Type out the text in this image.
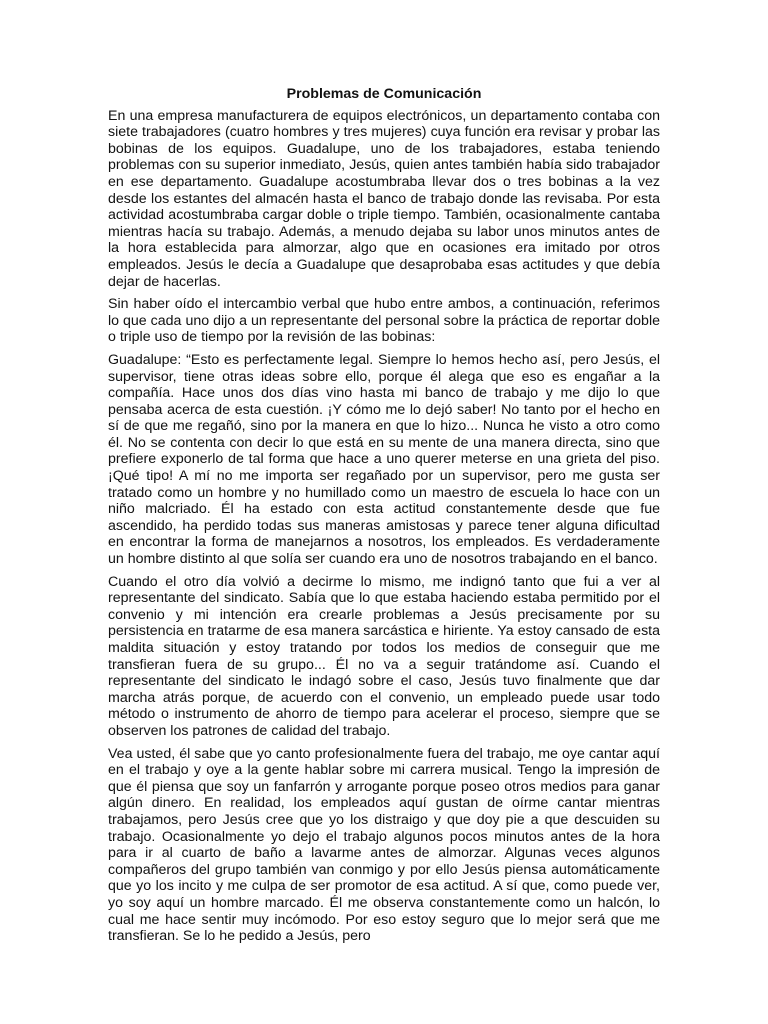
Problemas de Comunicación

En una empresa manufacturera de equipos electrónicos, un departamento contaba con siete trabajadores (cuatro hombres y tres mujeres) cuya función era revisar y probar las bobinas de los equipos. Guadalupe, uno de los trabajadores, estaba teniendo problemas con su superior inmediato, Jesús, quien antes también había sido trabajador en ese departamento. Guadalupe acostumbraba llevar dos o tres bobinas a la vez desde los estantes del almacén hasta el banco de trabajo donde las revisaba. Por esta actividad acostumbraba cargar doble o triple tiempo. También, ocasionalmente cantaba mientras hacía su trabajo. Además, a menudo dejaba su labor unos minutos antes de la hora establecida para almorzar, algo que en ocasiones era imitado por otros empleados. Jesús le decía a Guadalupe que desaprobaba esas actitudes y que debía dejar de hacerlas.

Sin haber oído el intercambio verbal que hubo entre ambos, a continuación, referimos lo que cada uno dijo a un representante del personal sobre la práctica de reportar doble o triple uso de tiempo por la revisión de las bobinas:

Guadalupe: “Esto es perfectamente legal. Siempre lo hemos hecho así, pero Jesús, el supervisor, tiene otras ideas sobre ello, porque él alega que eso es engañar a la compañía. Hace unos dos días vino hasta mi banco de trabajo y me dijo lo que pensaba acerca de esta cuestión. ¡Y cómo me lo dejó saber! No tanto por el hecho en sí de que me regañó, sino por la manera en que lo hizo... Nunca he visto a otro como él. No se contenta con decir lo que está en su mente de una manera directa, sino que prefiere exponerlo de tal forma que hace a uno querer meterse en una grieta del piso. ¡Qué tipo! A mí no me importa ser regañado por un supervisor, pero me gusta ser tratado como un hombre y no humillado como un maestro de escuela lo hace con un niño malcriado. Él ha estado con esta actitud constantemente desde que fue ascendido, ha perdido todas sus maneras amistosas y parece tener alguna dificultad en encontrar la forma de manejarnos a nosotros, los empleados. Es verdaderamente un hombre distinto al que solía ser cuando era uno de nosotros trabajando en el banco.

Cuando el otro día volvió a decirme lo mismo, me indignó tanto que fui a ver al representante del sindicato. Sabía que lo que estaba haciendo estaba permitido por el convenio y mi intención era crearle problemas a Jesús precisamente por su persistencia en tratarme de esa manera sarcástica e hiriente. Ya estoy cansado de esta maldita situación y estoy tratando por todos los medios de conseguir que me transfieran fuera de su grupo... Él no va a seguir tratándome así. Cuando el representante del sindicato le indagó sobre el caso, Jesús tuvo finalmente que dar marcha atrás porque, de acuerdo con el convenio, un empleado puede usar todo método o instrumento de ahorro de tiempo para acelerar el proceso, siempre que se observen los patrones de calidad del trabajo.

Vea usted, él sabe que yo canto profesionalmente fuera del trabajo, me oye cantar aquí en el trabajo y oye a la gente hablar sobre mi carrera musical. Tengo la impresión de que él piensa que soy un fanfarrón y arrogante porque poseo otros medios para ganar algún dinero. En realidad, los empleados aquí gustan de oírme cantar mientras trabajamos, pero Jesús cree que yo los distraigo y que doy pie a que descuiden su trabajo. Ocasionalmente yo dejo el trabajo algunos pocos minutos antes de la hora para ir al cuarto de baño a lavarme antes de almorzar. Algunas veces algunos compañeros del grupo también van conmigo y por ello Jesús piensa automáticamente que yo los incito y me culpa de ser promotor de esa actitud. A sí que, como puede ver, yo soy aquí un hombre marcado. Él me observa constantemente como un halcón, lo cual me hace sentir muy incómodo. Por eso estoy seguro que lo mejor será que me transfieran. Se lo he pedido a Jesús, pero
